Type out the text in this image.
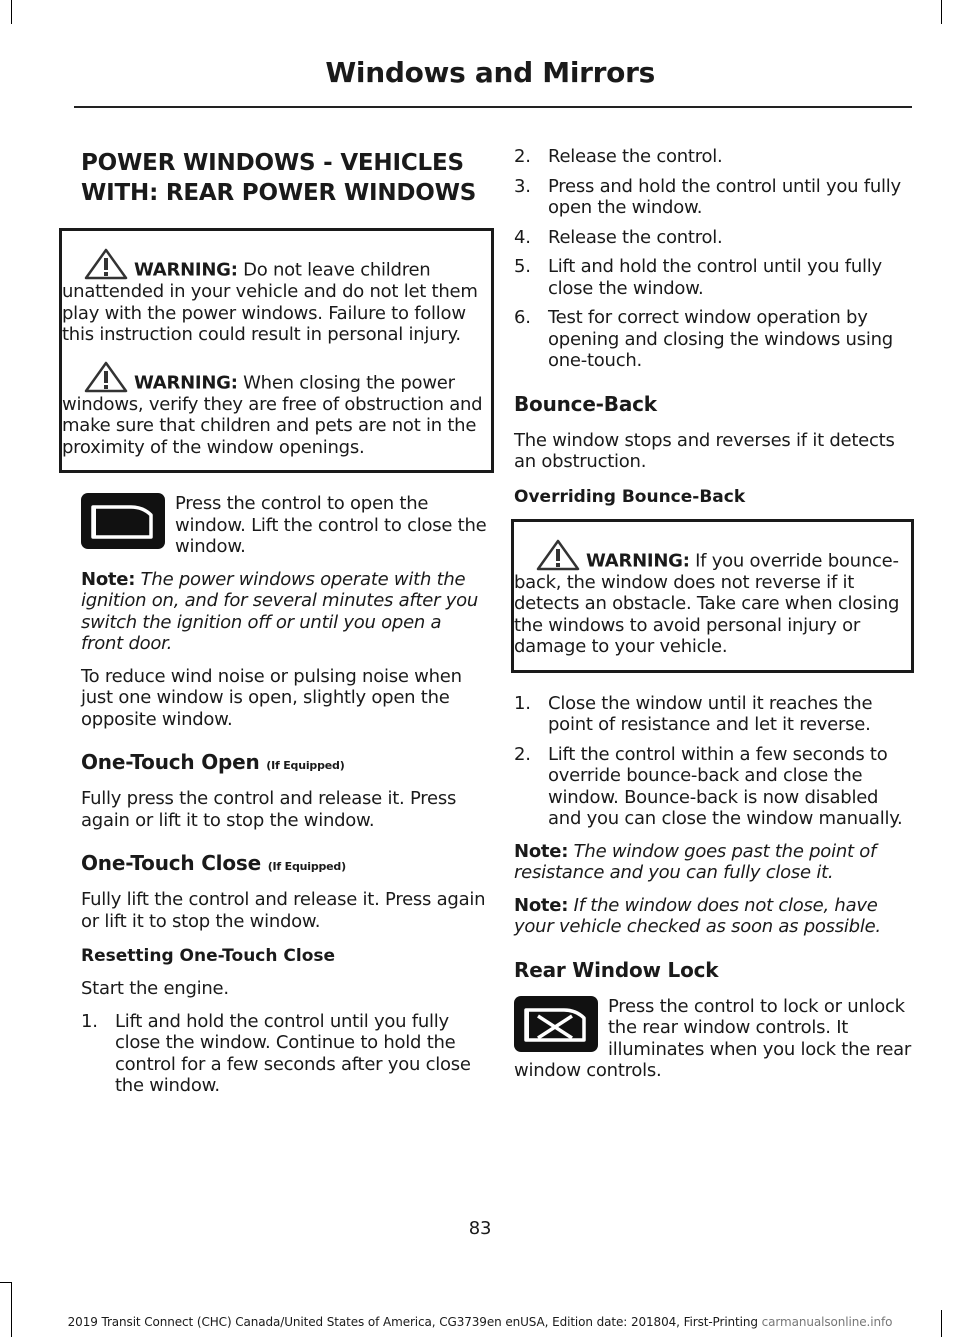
Windows and Mirrors
POWER WINDOWS - VEHICLES WITH: REAR POWER WINDOWS
WARNING: Do not leave children unattended in your vehicle and do not let them play with the power windows. Failure to follow this instruction could result in personal injury.
WARNING: When closing the power windows, verify they are free of obstruction and make sure that children and pets are not in the proximity of the window openings.

Press the control to open the window. Lift the control to close the window.

Note: The power windows operate with the ignition on, and for several minutes after you switch the ignition off or until you open a front door.

To reduce wind noise or pulsing noise when just one window is open, slightly open the opposite window.

One-Touch Open (If Equipped)

Fully press the control and release it. Press again or lift it to stop the window.

One-Touch Close (If Equipped)

Fully lift the control and release it. Press again or lift it to stop the window.

Resetting One-Touch Close

Start the engine.

1. Lift and hold the control until you fully close the window. Continue to hold the control for a few seconds after you close the window.
2. Release the control.
3. Press and hold the control until you fully open the window.
4. Release the control.
5. Lift and hold the control until you fully close the window.
6. Test for correct window operation by opening and closing the windows using one-touch.
Bounce-Back

The window stops and reverses if it detects an obstruction.

Overriding Bounce-Back
WARNING: If you override bounce-back, the window does not reverse if it detects an obstacle. Take care when closing the windows to avoid personal injury or damage to your vehicle.
1. Close the window until it reaches the point of resistance and let it reverse.
2. Lift the control within a few seconds to override bounce-back and close the window. Bounce-back is now disabled and you can close the window manually.

Note: The window goes past the point of resistance and you can fully close it.

Note: If the window does not close, have your vehicle checked as soon as possible.

Rear Window Lock

Press the control to lock or unlock the rear window controls. It illuminates when you lock the rear window controls.

83

2019 Transit Connect (CHC) Canada/United States of America, CG3739en enUSA, Edition date: 201804, First-Printing carmanualsonline.info
